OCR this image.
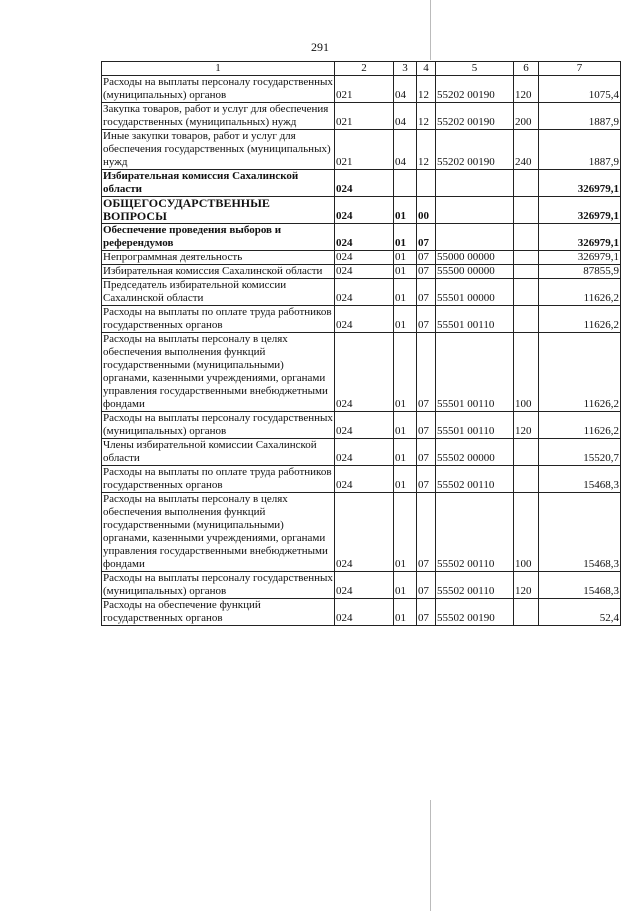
291
1	2	3	4	5	6	7
Расходы на выплаты персоналу государственных (муниципальных) органов	021	04	12	55202 00190	120	1075,4
Закупка товаров, работ и услуг для обеспечения государственных (муниципальных) нужд	021	04	12	55202 00190	200	1887,9
Иные закупки товаров, работ и услуг для обеспечения государственных (муниципальных) нужд	021	04	12	55202 00190	240	1887,9
Избирательная комиссия Сахалинской области	024					326979,1
ОБЩЕГОСУДАРСТВЕННЫЕ ВОПРОСЫ	024	01	00			326979,1
Обеспечение проведения выборов и референдумов	024	01	07			326979,1
Непрограммная деятельность	024	01	07	55000 00000		326979,1
Избирательная комиссия Сахалинской области	024	01	07	55500 00000		87855,9
Председатель избирательной комиссии Сахалинской области	024	01	07	55501 00000		11626,2
Расходы на выплаты по оплате труда работников государственных органов	024	01	07	55501 00110		11626,2
Расходы на выплаты персоналу в целях обеспечения выполнения функций государственными (муниципальными) органами, казенными учреждениями, органами управления государственными внебюджетными фондами	024	01	07	55501 00110	100	11626,2
Расходы на выплаты персоналу государственных (муниципальных) органов	024	01	07	55501 00110	120	11626,2
Члены избирательной комиссии Сахалинской области	024	01	07	55502 00000		15520,7
Расходы на выплаты по оплате труда работников государственных органов	024	01	07	55502 00110		15468,3
Расходы на выплаты персоналу в целях обеспечения выполнения функций государственными (муниципальными) органами, казенными учреждениями, органами управления государственными внебюджетными фондами	024	01	07	55502 00110	100	15468,3
Расходы на выплаты персоналу государственных (муниципальных) органов	024	01	07	55502 00110	120	15468,3
Расходы на обеспечение функций государственных органов	024	01	07	55502 00190		52,4
